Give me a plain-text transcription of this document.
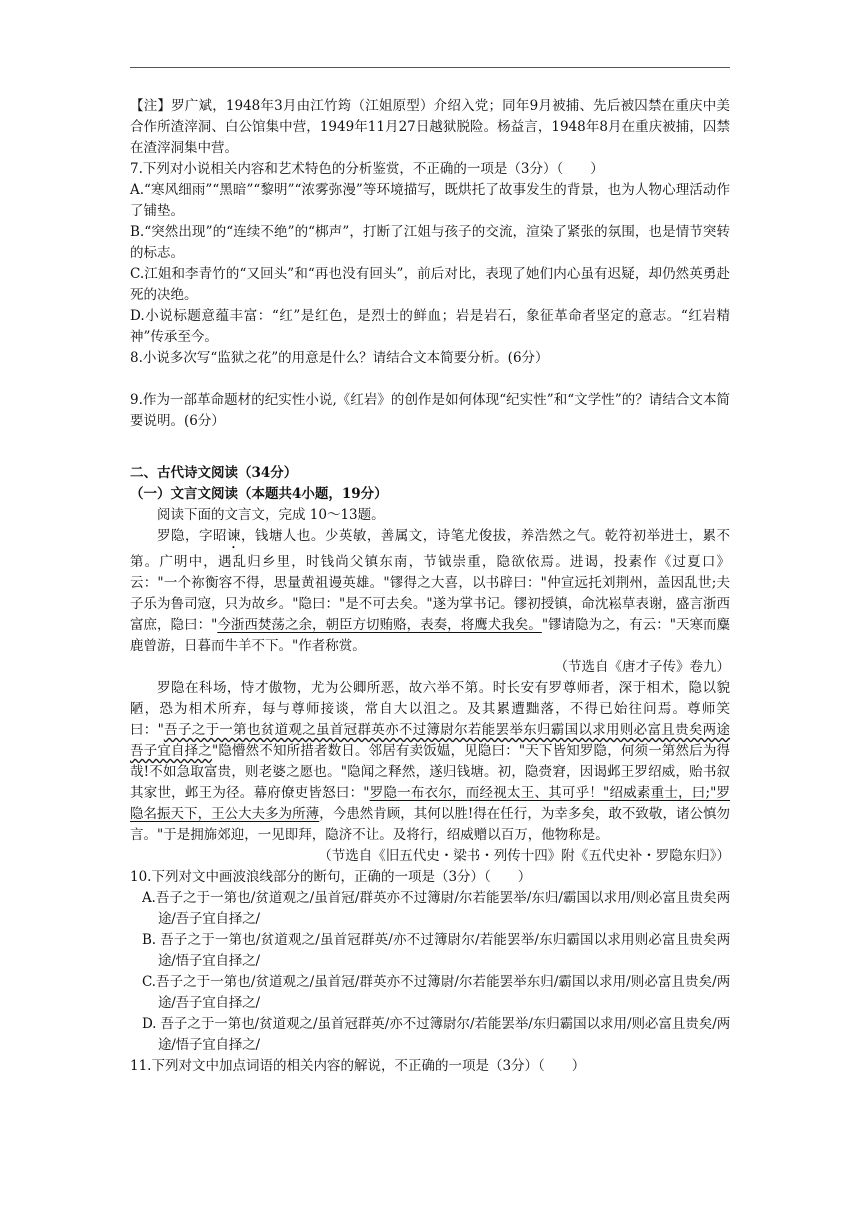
【注】罗广斌，1948年3月由江竹筠（江姐原型）介绍入党；同年9月被捕、先后被囚禁在重庆中美合作所渣滓洞、白公馆集中营，1949年11月27日越狱脱险。杨益言，1948年8月在重庆被捕，囚禁在渣滓洞集中营。

7.下列对小说相关内容和艺术特色的分析鉴赏，不正确的一项是（3分）（　　）

A.“寒风细雨”“黑暗”“黎明”“浓雾弥漫”等环境描写，既烘托了故事发生的背景，也为人物心理活动作了铺垫。

B.“突然出现”的“连续不绝”的“梆声”，打断了江姐与孩子的交流，渲染了紧张的氛围，也是情节突转的标志。

C.江姐和李青竹的“又回头”和“再也没有回头”，前后对比，表现了她们内心虽有迟疑，却仍然英勇赴死的决绝。

D.小说标题意蕴丰富：“红”是红色，是烈士的鲜血；岩是岩石，象征革命者坚定的意志。“红岩精神”传承至今。

8.小说多次写“监狱之花”的用意是什么？请结合文本简要分析。(6分）

9.作为一部革命题材的纪实性小说,《红岩》的创作是如何体现“纪实性”和“文学性”的？请结合文本简要说明。(6分）

二、古代诗文阅读（34分）

（一）文言文阅读（本题共4小题，19分）

阅读下面的文言文，完成 10～13题。

罗隐，字昭谏，钱塘人也。少英敏，善属文，诗笔尤俊拔，养浩然之气。乾符初举进士，累不第。广明中，遇乱归乡里，时钱尚父镇东南，节钺崇重，隐欲依焉。进谒，投素作《过夏口》云："一个祢衡容不得，思量黄祖谩英雄。"镠得之大喜，以书辟曰："仲宣远托刘荆州，盖因乱世;夫子乐为鲁司寇，只为故乡。"隐曰："是不可去矣。"遂为掌书记。镠初授镇，命沈崧草表谢，盛言浙西富庶，隐曰："今浙西焚荡之余，朝臣方切贿赂，表奏，将鹰犬我矣。"镠请隐为之，有云："天寒而麋鹿曾游，日暮而牛羊不下。"作者称赏。

（节选自《唐才子传》卷九）

罗隐在科场，恃才傲物，尤为公卿所恶，故六举不第。时长安有罗尊师者，深于相术，隐以貌陋，恐为相术所弃，每与尊师接谈，常自大以沮之。及其累遭黜落，不得已始往问焉。尊师笑曰："吾子之于一第也贫道观之虽首冠群英亦不过簿尉尔若能罢举东归霸国以求用则必富且贵矣两途吾子宜自择之"隐懵然不知所措者数日。邻居有卖饭媪，见隐曰："天下皆知罗隐，何须一第然后为得哉!不如急取富贵，则老婆之愿也。"隐闻之释然，遂归钱塘。初，隐赍窘，因谒邺王罗绍威，贻书叙其家世，邺王为径。幕府僚吏皆怒曰："罗隐一布衣尔，而经视太王、其可乎！"绍威素重士，曰;"罗隐名振天下，王公大夫多为所薄，今患然肯顾，其何以胜!得在任行，为幸多矣，敢不致敬，诸公慎勿言。"于是拥旆郊迎，一见即拜，隐济不让。及将行，绍威赠以百万，他物称是。

（节选自《旧五代史・梁书・列传十四》附《五代史补・罗隐东归》）

10.下列对文中画波浪线部分的断句，正确的一项是（3分）（　　）

A.吾子之于一第也/贫道观之/虽首冠/群英亦不过簿尉/尔若能罢举/东归/霸国以求用/则必富且贵矣两途/吾子宜自择之/

B. 吾子之于一第也/贫道观之/虽首冠群英/亦不过簿尉尔/若能罢举/东归霸国以求用则必富且贵矣两途/悟子宜自择之/

C.吾子之于一第也/贫道观之/虽首冠/群英亦不过簿尉/尔若能罢举东归/霸国以求用/则必富且贵矣/两途/吾子宜自择之/

D. 吾子之于一第也/贫道观之/虽首冠群英/亦不过簿尉尔/若能罢举/东归霸国以求用/则必富且贵矣/两途/悟子宜自择之/

11.下列对文中加点词语的相关内容的解说，不正确的一项是（3分）（　　）
